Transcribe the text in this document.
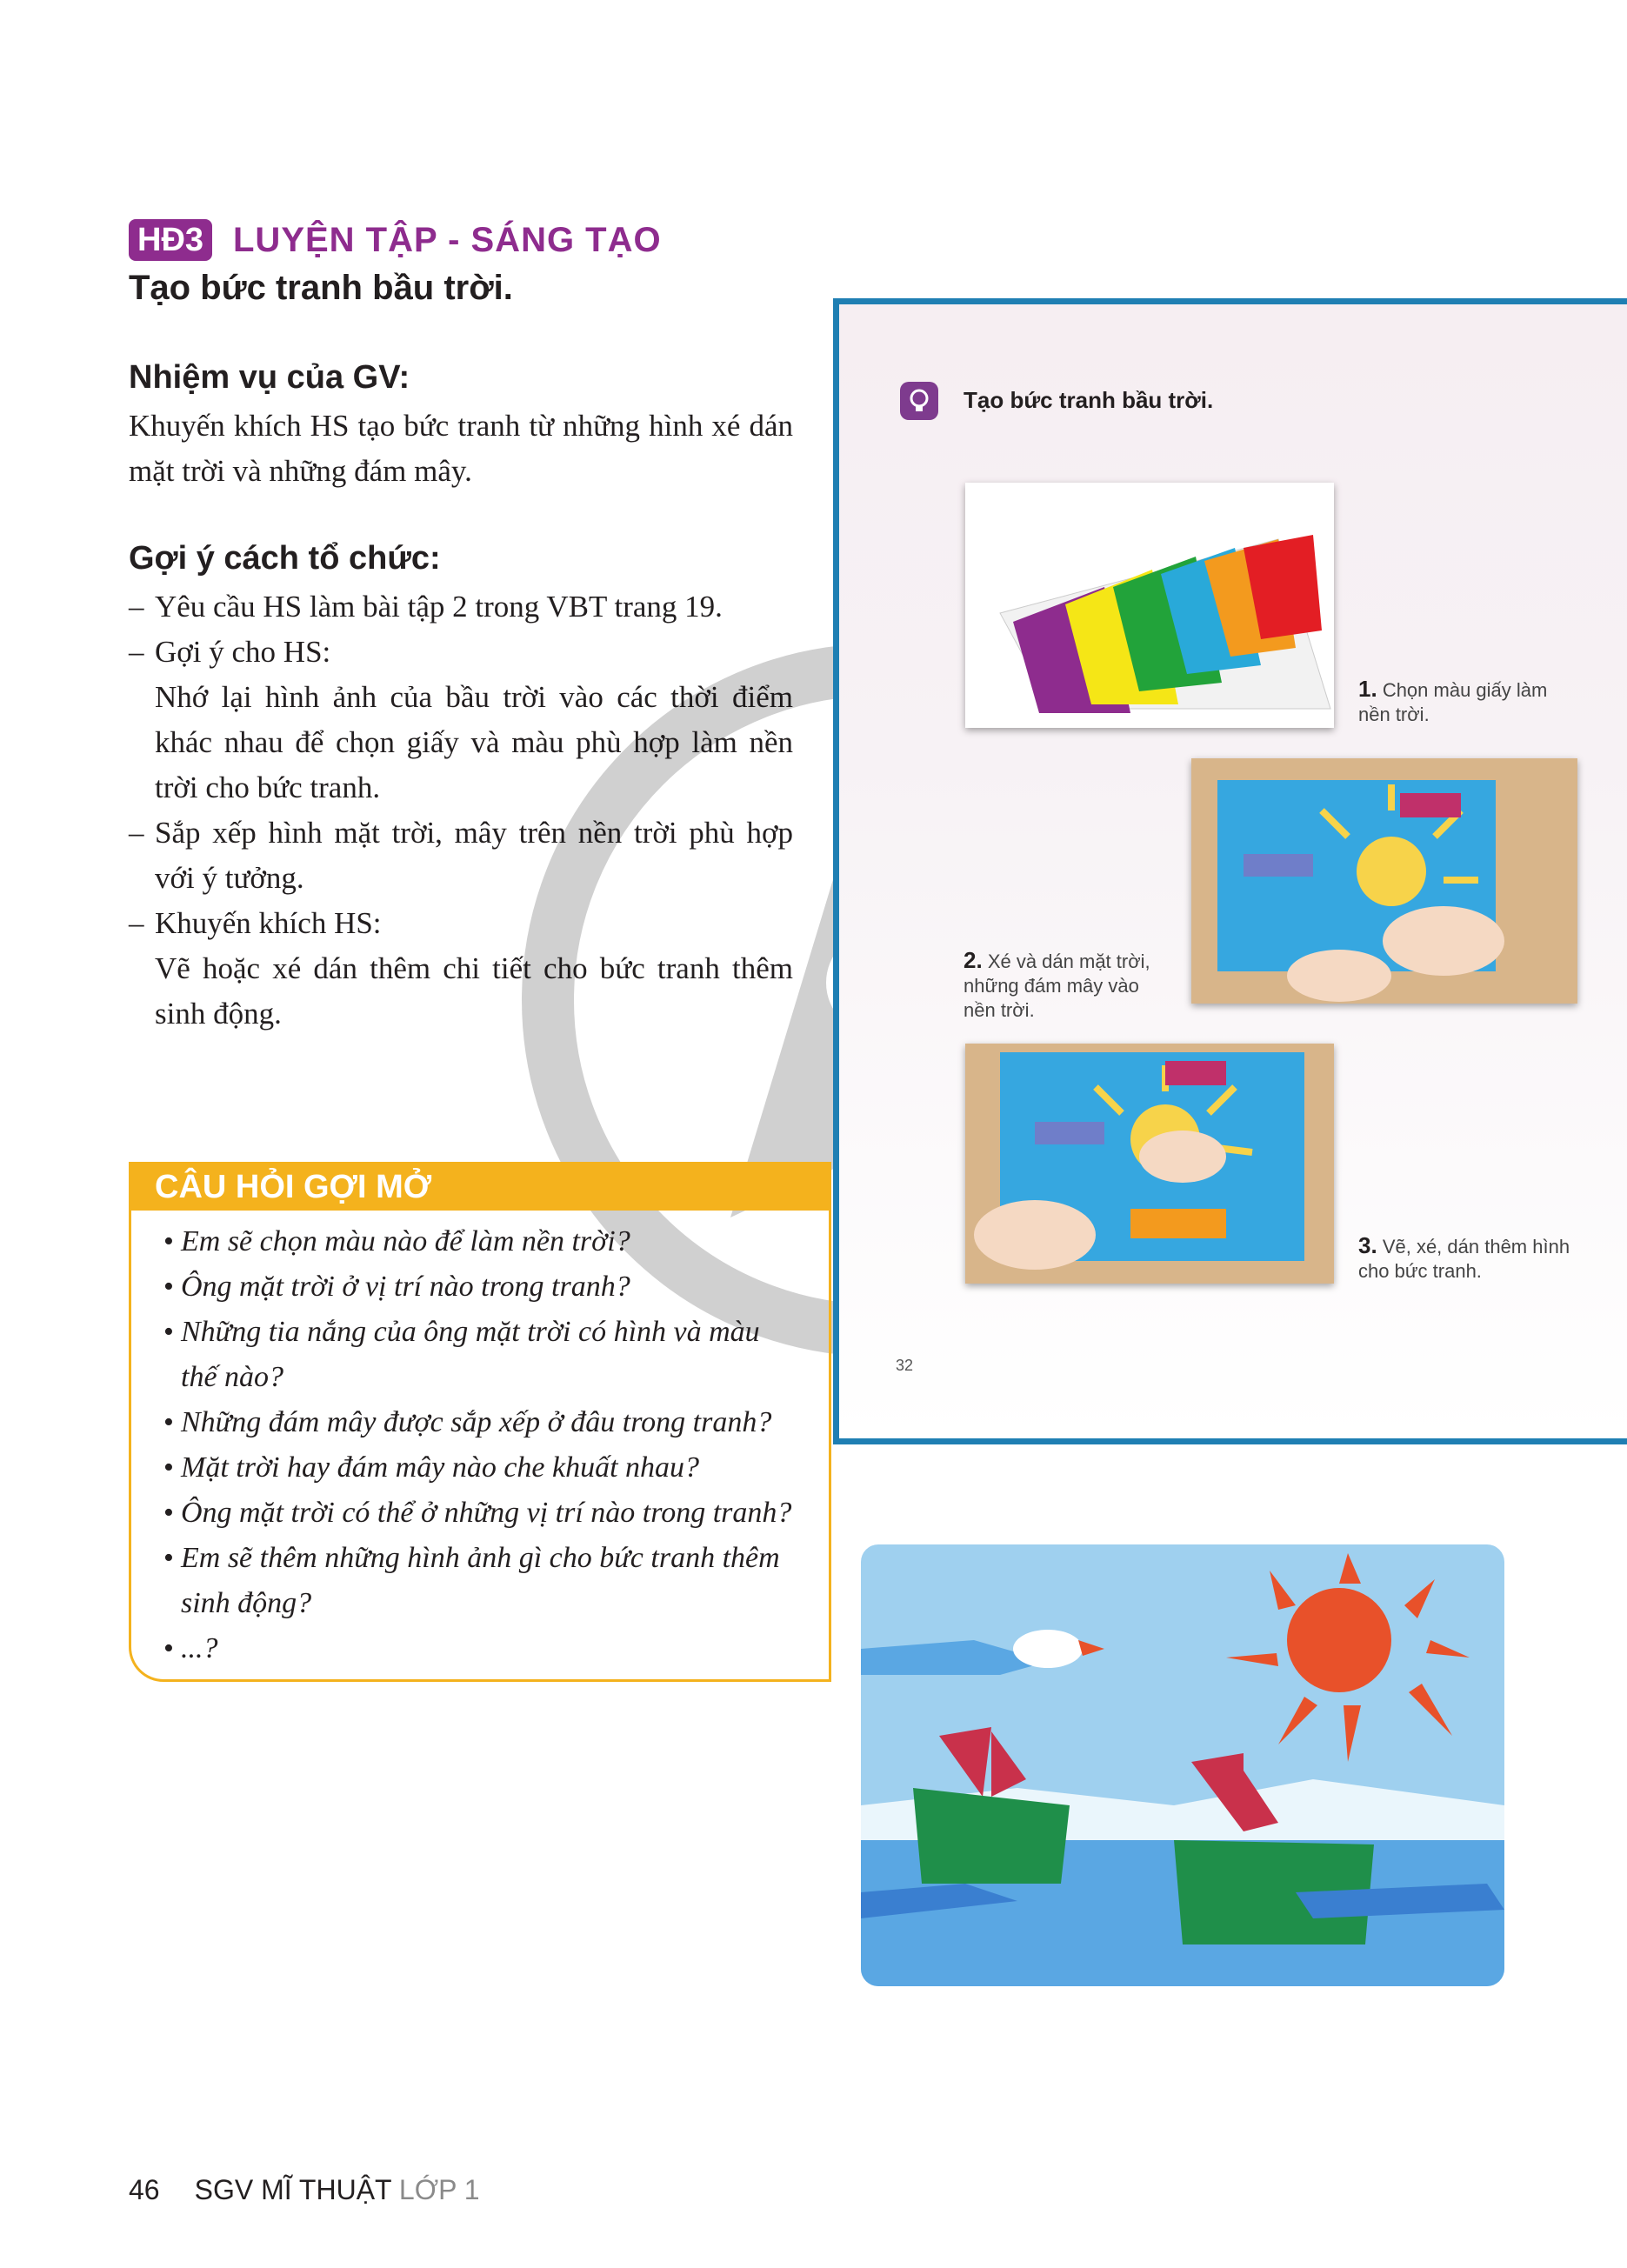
HĐ3 LUYỆN TẬP - SÁNG TẠO
Tạo bức tranh bầu trời.
Nhiệm vụ của GV:
Khuyến khích HS tạo bức tranh từ những hình xé dán mặt trời và những đám mây.
Gợi ý cách tổ chức:
– Yêu cầu HS làm bài tập 2 trong VBT trang 19.
– Gợi ý cho HS:
Nhớ lại hình ảnh của bầu trời vào các thời điểm khác nhau để chọn giấy và màu phù hợp làm nền trời cho bức tranh.
– Sắp xếp hình mặt trời, mây trên nền trời phù hợp với ý tưởng.
– Khuyến khích HS:
Vẽ hoặc xé dán thêm chi tiết cho bức tranh thêm sinh động.
CÂU HỎI GỢI MỞ
• Em sẽ chọn màu nào để làm nền trời?
• Ông mặt trời ở vị trí nào trong tranh?
• Những tia nắng của ông mặt trời có hình và màu thế nào?
• Những đám mây được sắp xếp ở đâu trong tranh?
• Mặt trời hay đám mây nào che khuất nhau?
• Ông mặt trời có thể ở những vị trí nào trong tranh?
• Em sẽ thêm những hình ảnh gì cho bức tranh thêm sinh động?
• ...?
Tạo bức tranh bầu trời.
1. Chọn màu giấy làm nền trời.
2. Xé và dán mặt trời, những đám mây vào nền trời.
3. Vẽ, xé, dán thêm hình cho bức tranh.
32
46 SGV MĨ THUẬT LỚP 1
